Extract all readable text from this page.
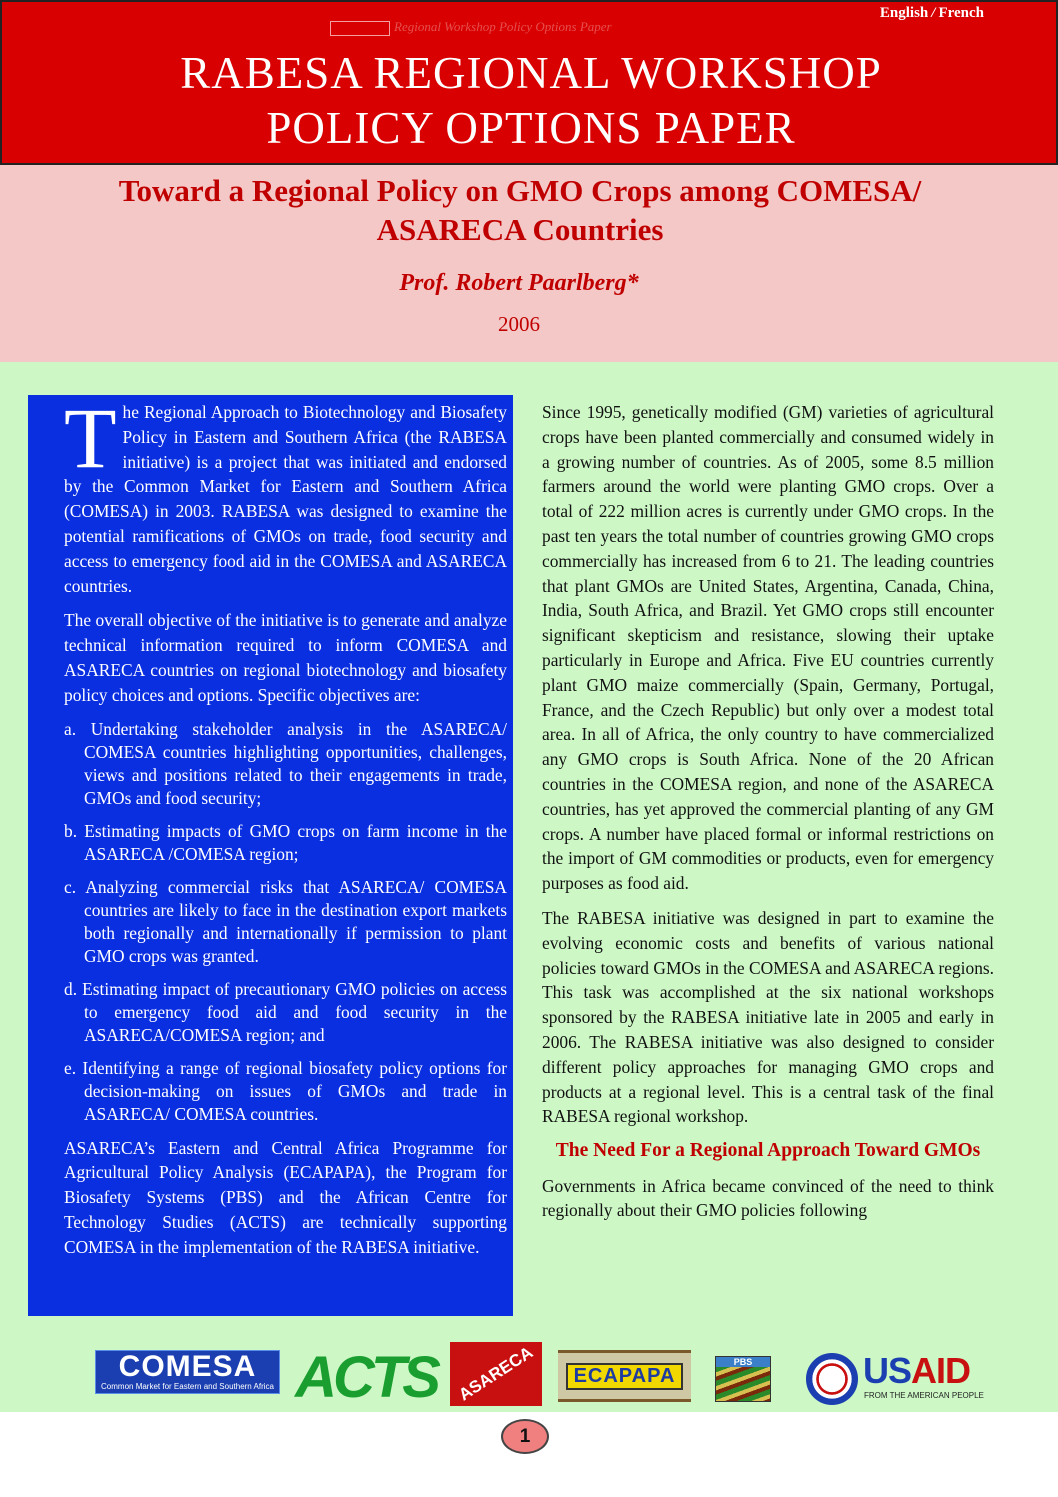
Regional Workshop Policy Options Paper
English / French
RABESA REGIONAL WORKSHOP
POLICY OPTIONS PAPER
Toward a Regional Policy on GMO Crops among COMESA/
ASARECA Countries
Prof. Robert Paarlberg*
2006

The Regional Approach to Biotechnology and Biosafety Policy in Eastern and Southern Africa (the RABESA initiative) is a project that was initiated and endorsed by the Common Market for Eastern and Southern Africa (COMESA) in 2003. RABESA was designed to examine the potential ramifications of GMOs on trade, food security and access to emergency food aid in the COMESA and ASARECA countries.

The overall objective of the initiative is to generate and analyze technical information required to inform COMESA and ASARECA countries on regional biotechnology and biosafety policy choices and options. Specific objectives are:

a. Undertaking stakeholder analysis in the ASARECA/ COMESA countries highlighting opportunities, challenges, views and positions related to their engagements in trade, GMOs and food security;
b. Estimating impacts of GMO crops on farm income in the ASARECA /COMESA region;
c. Analyzing commercial risks that ASARECA/ COMESA countries are likely to face in the destination export markets both regionally and internationally if permission to plant GMO crops was granted.
d. Estimating impact of precautionary GMO policies on access to emergency food aid and food security in the ASARECA/COMESA region; and
e. Identifying a range of regional biosafety policy options for decision-making on issues of GMOs and trade in ASARECA/ COMESA countries.

ASARECA’s Eastern and Central Africa Programme for Agricultural Policy Analysis (ECAPAPA), the Program for Biosafety Systems (PBS) and the African Centre for Technology Studies (ACTS) are technically supporting COMESA in the implementation of the RABESA initiative.

Since 1995, genetically modified (GM) varieties of agricultural crops have been planted commercially and consumed widely in a growing number of countries. As of 2005, some 8.5 million farmers around the world were planting GMO crops. Over a total of 222 million acres is currently under GMO crops. In the past ten years the total number of countries growing GMO crops commercially has increased from 6 to 21. The leading countries that plant GMOs are United States, Argentina, Canada, China, India, South Africa, and Brazil. Yet GMO crops still encounter significant skepticism and resistance, slowing their uptake particularly in Europe and Africa. Five EU countries currently plant GMO maize commercially (Spain, Germany, Portugal, France, and the Czech Republic) but only over a modest total area. In all of Africa, the only country to have commercialized any GMO crops is South Africa. None of the 20 African countries in the COMESA region, and none of the ASARECA countries, has yet approved the commercial planting of any GM crops. A number have placed formal or informal restrictions on the import of GM commodities or products, even for emergency purposes as food aid.

The RABESA initiative was designed in part to examine the evolving economic costs and benefits of various national policies toward GMOs in the COMESA and ASARECA regions. This task was accomplished at the six national workshops sponsored by the RABESA initiative late in 2005 and early in 2006. The RABESA initiative was also designed to consider different policy approaches for managing GMO crops and products at a regional level. This is a central task of the final RABESA regional workshop.

The Need For a Regional Approach Toward GMOs

Governments in Africa became convinced of the need to think regionally about their GMO policies following

COMESA
Common Market for Eastern and Southern Africa ACTS ASARECA	ECAPAPA
PBS	USAID
FROM THE AMERICAN PEOPLE
1
